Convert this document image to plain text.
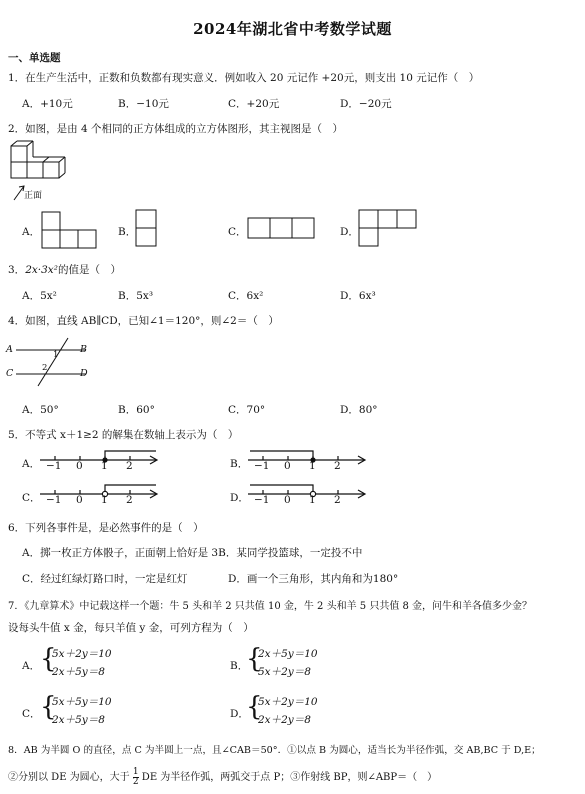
2024年湖北省中考数学试题
一、单选题
1．在生产生活中，正数和负数都有现实意义．例如收入 20 元记作 +20元，则支出 10 元记作（　）
A．+10元	B．−10元	C．+20元	D．−20元
2．如图，是由 4 个相同的正方体组成的立方体图形，其主视图是（　）
正面
A．	B．	C．	D．
3．2x·3x²的值是（　）
A．5x²	B．5x³	C．6x²	D．6x³
4．如图，直线 AB∥CD，已知∠1＝120°，则∠2＝（　）
A	B
C	D
1
2
A．50°	B．60°	C．70°	D．80°
5．不等式 x＋1≥2 的解集在数轴上表示为（　）
A． −1 0 1 2	B． −1 0 1 2
C． −1 0 1 2	D． −1 0 1 2
6．下列各事件是，是必然事件的是（　）
A．掷一枚正方体骰子，正面朝上恰好是 3B．某同学投篮球，一定投不中
C．经过红绿灯路口时，一定是红灯	D．画一个三角形，其内角和为180°
7．《九章算术》中记载这样一个题：牛 5 头和羊 2 只共值 10 金，牛 2 头和羊 5 只共值 8 金，问牛和羊各值多少金？
设每头牛值 x 金，每只羊值 y 金，可列方程为（　）
A． {
5x＋2y＝10
2x＋5y＝8	B．
{
2x＋5y＝10
5x＋2y＝8
C． {
5x＋5y＝10
2x＋5y＝8	D．
{
5x＋2y＝10
2x＋2y＝8
8．AB 为半圆 O 的直径，点 C 为半圆上一点，且∠CAB＝50°．①以点 B 为圆心，适当长为半径作弧，交 AB,BC 于 D,E；
②分别以 DE 为圆心，大于 $\frac{1}{2}$ DE 为半径作弧，两弧交于点 P；③作射线 BP，则∠ABP＝（　）
